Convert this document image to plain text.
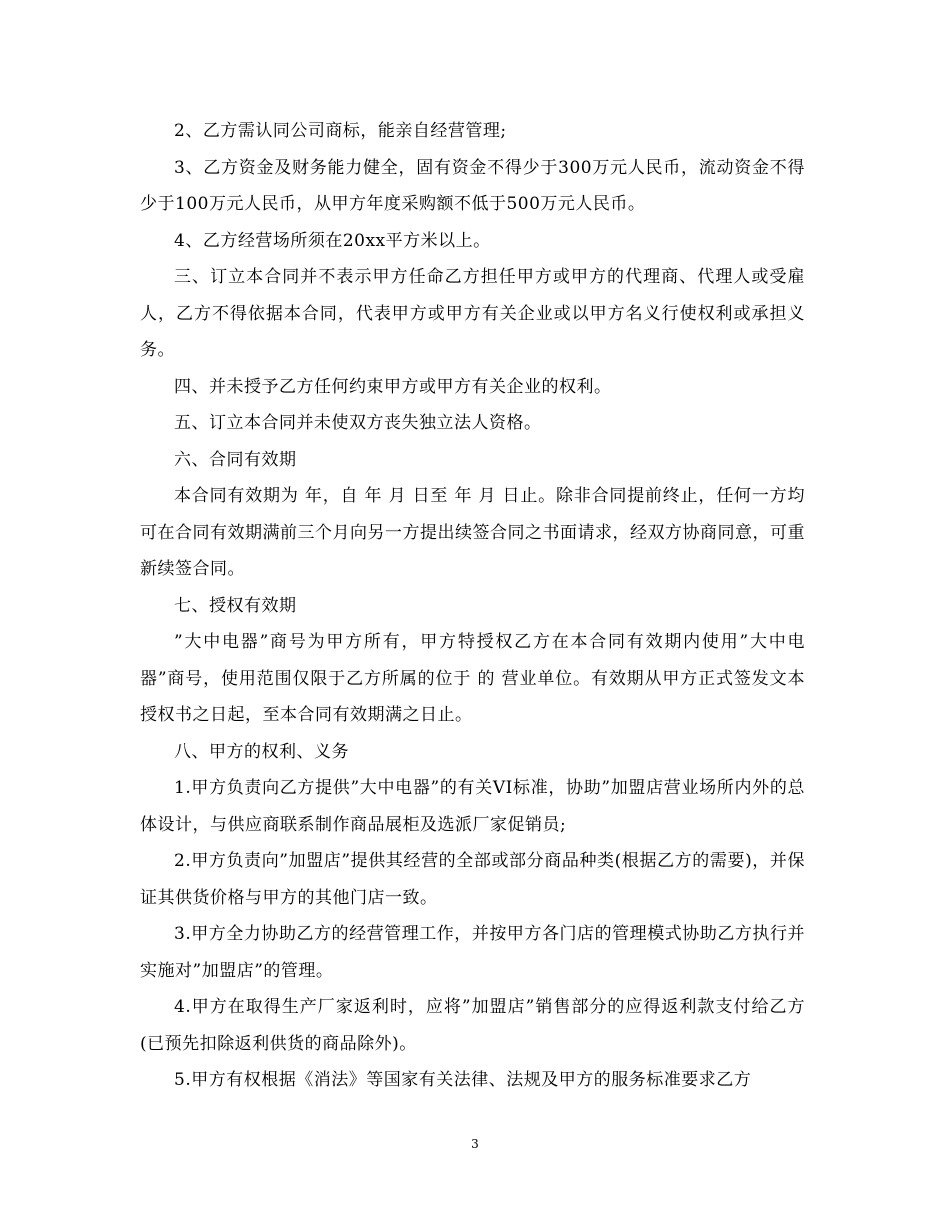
2、乙方需认同公司商标，能亲自经营管理;

3、乙方资金及财务能力健全，固有资金不得少于300万元人民币，流动资金不得少于100万元人民币，从甲方年度采购额不低于500万元人民币。

4、乙方经营场所须在20xx平方米以上。

三、订立本合同并不表示甲方任命乙方担任甲方或甲方的代理商、代理人或受雇人，乙方不得依据本合同，代表甲方或甲方有关企业或以甲方名义行使权利或承担义务。

四、并未授予乙方任何约束甲方或甲方有关企业的权利。

五、订立本合同并未使双方丧失独立法人资格。

六、合同有效期

本合同有效期为 年，自 年 月 日至 年 月 日止。除非合同提前终止，任何一方均可在合同有效期满前三个月向另一方提出续签合同之书面请求，经双方协商同意，可重新续签合同。

七、授权有效期

”大中电器”商号为甲方所有，甲方特授权乙方在本合同有效期内使用”大中电器”商号，使用范围仅限于乙方所属的位于 的 营业单位。有效期从甲方正式签发文本授权书之日起，至本合同有效期满之日止。

八、甲方的权利、义务

1.甲方负责向乙方提供”大中电器”的有关VI标准，协助”加盟店营业场所内外的总体设计，与供应商联系制作商品展柜及选派厂家促销员;

2.甲方负责向”加盟店”提供其经营的全部或部分商品种类(根据乙方的需要)，并保证其供货价格与甲方的其他门店一致。

3.甲方全力协助乙方的经营管理工作，并按甲方各门店的管理模式协助乙方执行并实施对”加盟店”的管理。

4.甲方在取得生产厂家返利时，应将”加盟店”销售部分的应得返利款支付给乙方(已预先扣除返利供货的商品除外)。

5.甲方有权根据《消法》等国家有关法律、法规及甲方的服务标准要求乙方

3
